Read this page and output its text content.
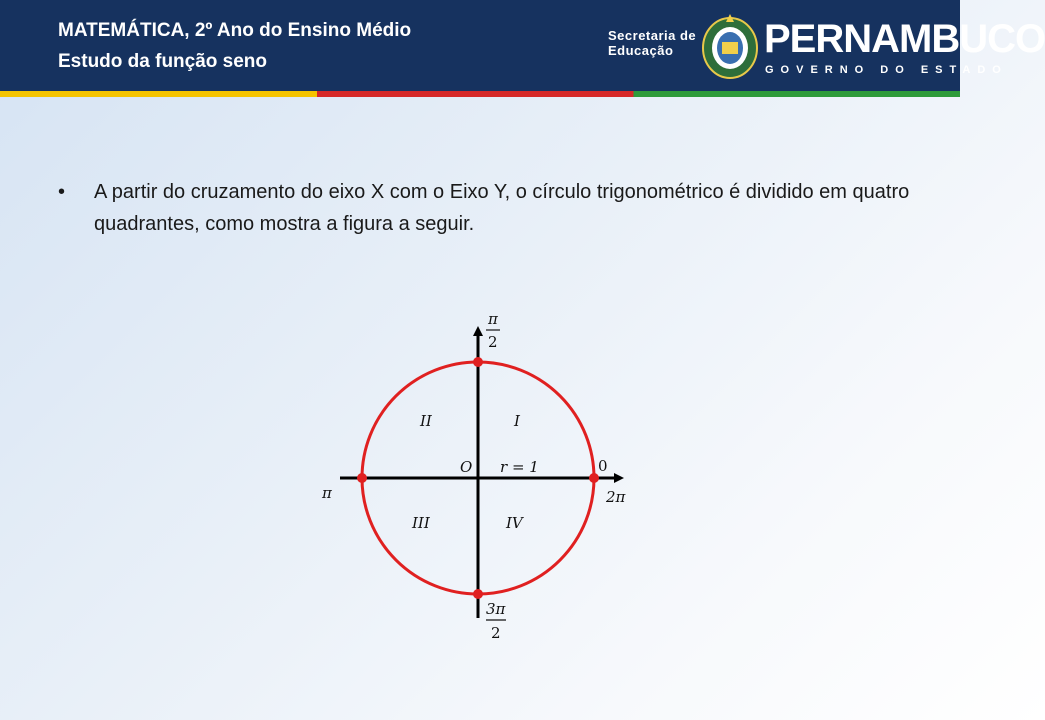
MATEMÁTICA, 2º Ano do Ensino Médio
Estudo da função seno
Secretaria de
Educação	PERNAMBUCO
GOVERNO DO ESTADO
• A partir do cruzamento do eixo X com o Eixo Y, o círculo trigonométrico é dividido em quatro quadrantes, como mostra a figura a seguir.
π
2
π
0
2π
3π
2
O r = 1
I
II
III	IV
